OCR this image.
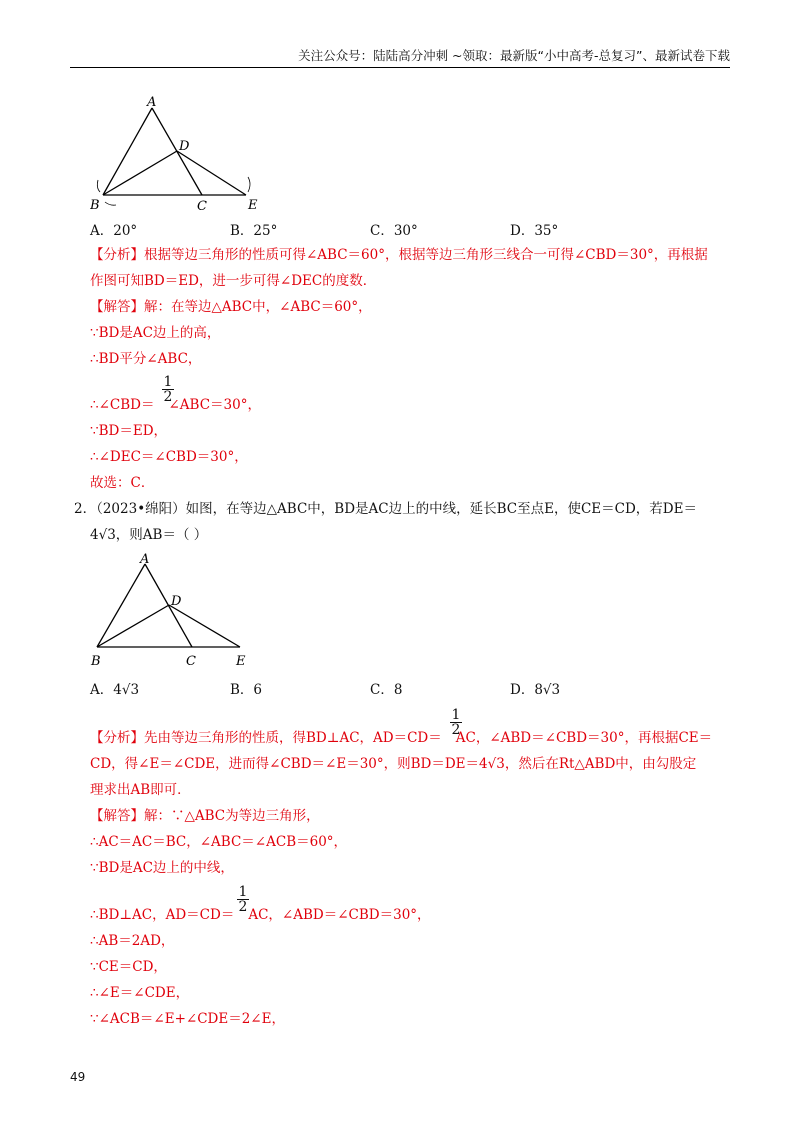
关注公众号：陆陆高分冲刺 ~领取：最新版“小中高考-总复习”、最新试卷下载
A
D
B	C	E
A．20°	B．25°	C．30°	D．35°
【分析】根据等边三角形的性质可得∠ABC＝60°，根据等边三角形三线合一可得∠CBD＝30°，再根据
作图可知BD＝ED，进一步可得∠DEC的度数．
【解答】解：在等边△ABC中，∠ABC＝60°，
∵BD是AC边上的高，
∴BD平分∠ABC，
∴∠CBD＝ ∠ABC＝30°，
1
2
∵BD＝ED，
∴∠DEC＝∠CBD＝30°，
故选：C．
2．（2023•绵阳）如图，在等边△ABC中，BD是AC边上的中线，延长BC至点E，使CE＝CD，若DE＝
4√3，则AB＝（ ）
A
D
B	C	E
A．4√3	B．6	C．8	D．8√3
【分析】先由等边三角形的性质，得BD⊥AC，AD＝CD＝ AC，∠ABD＝∠CBD＝30°，再根据CE＝
1
2
CD，得∠E＝∠CDE，进而得∠CBD＝∠E＝30°，则BD＝DE＝4√3，然后在Rt△ABD中，由勾股定
理求出AB即可．
【解答】解：∵△ABC为等边三角形，
∴AC＝AC＝BC，∠ABC＝∠ACB＝60°，
∵BD是AC边上的中线，
∴BD⊥AC，AD＝CD＝ AC，∠ABD＝∠CBD＝30°，
1
2
∴AB＝2AD，
∵CE＝CD，
∴∠E＝∠CDE，
∵∠ACB＝∠E+∠CDE＝2∠E，
49
